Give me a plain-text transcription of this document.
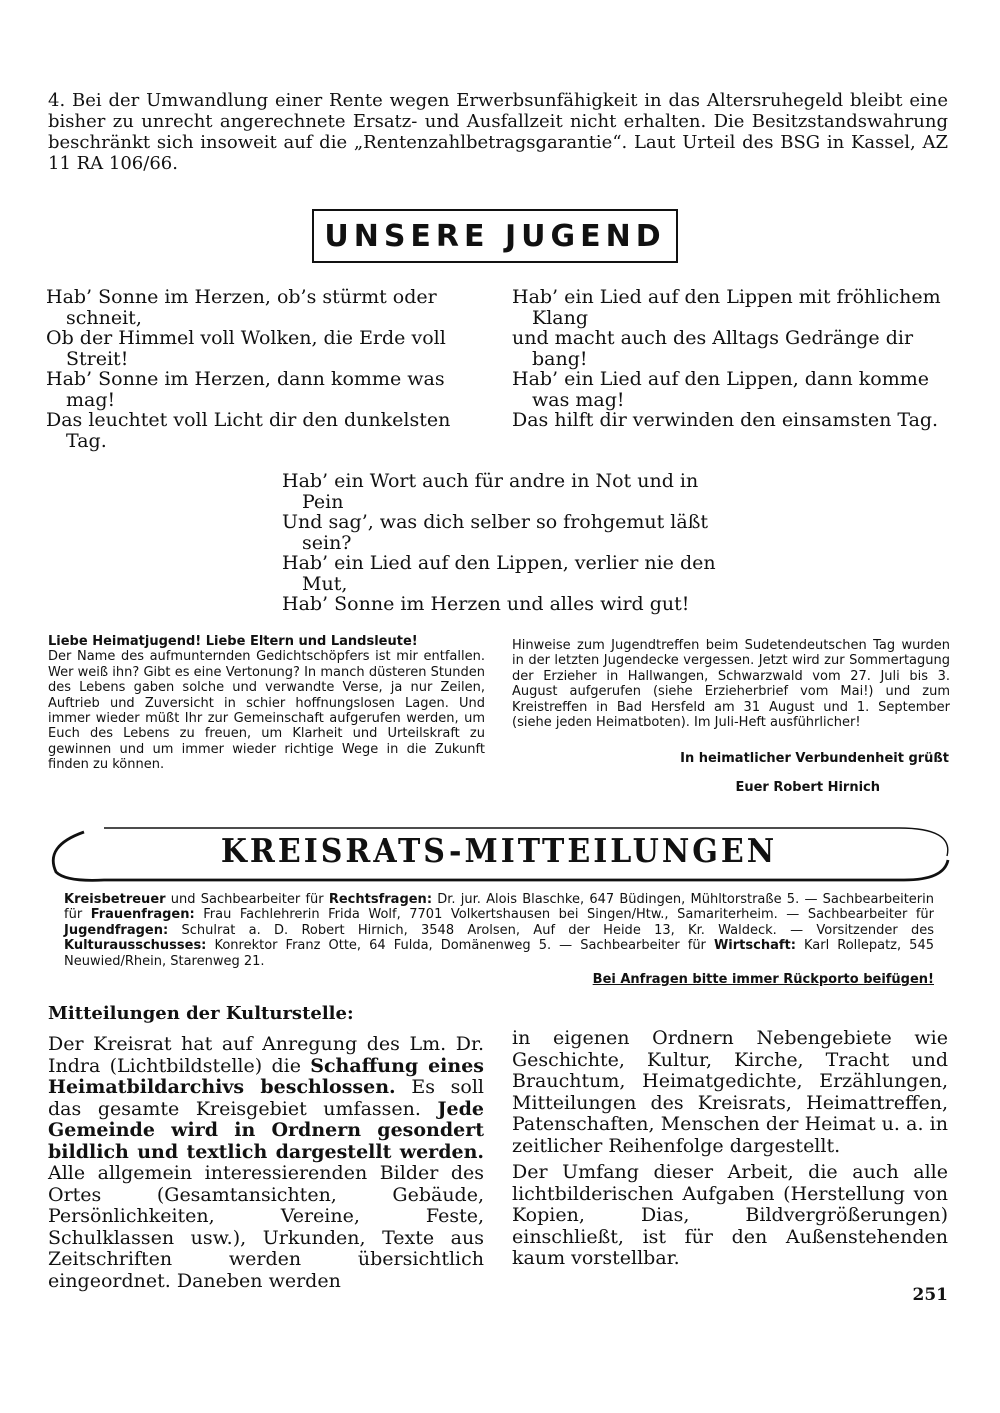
4. Bei der Umwandlung einer Rente wegen Erwerbsunfähigkeit in das Altersruhegeld bleibt eine bisher zu unrecht angerechnete Ersatz- und Ausfallzeit nicht erhalten. Die Besitzstandswahrung beschränkt sich insoweit auf die „Rentenzahlbetragsgarantie“. Laut Urteil des BSG in Kassel, AZ 11 RA 106/66.
UNSERE JUGEND
Hab’ Sonne im Herzen, ob’s stürmt oder schneit,
Ob der Himmel voll Wolken, die Erde voll Streit!
Hab’ Sonne im Herzen, dann komme was mag!
Das leuchtet voll Licht dir den dunkelsten Tag.
Hab’ ein Lied auf den Lippen mit fröhlichem Klang
und macht auch des Alltags Gedränge dir bang!
Hab’ ein Lied auf den Lippen, dann komme was mag!
Das hilft dir verwinden den einsamsten Tag.
Hab’ ein Wort auch für andre in Not und in Pein
Und sag’, was dich selber so frohgemut läßt sein?
Hab’ ein Lied auf den Lippen, verlier nie den Mut,
Hab’ Sonne im Herzen und alles wird gut!
Liebe Heimatjugend! Liebe Eltern und Landsleute!
Der Name des aufmunternden Gedichtschöpfers ist mir entfallen. Wer weiß ihn? Gibt es eine Vertonung? In manch düsteren Stunden des Lebens gaben solche und verwandte Verse, ja nur Zeilen, Auftrieb und Zuversicht in schier hoffnungslosen Lagen. Und immer wieder müßt Ihr zur Gemeinschaft aufgerufen werden, um Euch des Lebens zu freuen, um Klarheit und Urteilskraft zu gewinnen und um immer wieder richtige Wege in die Zukunft finden zu können.
Hinweise zum Jugendtreffen beim Sudetendeutschen Tag wurden in der letzten Jugendecke vergessen. Jetzt wird zur Sommertagung der Erzieher in Hallwangen, Schwarzwald vom 27. Juli bis 3. August aufgerufen (siehe Erzieherbrief vom Mai!) und zum Kreistreffen in Bad Hersfeld am 31 August und 1. September (siehe jeden Heimatboten). Im Juli-Heft ausführlicher!
In heimatlicher Verbundenheit grüßt
Euer Robert Hirnich
KREISRATS-MITTEILUNGEN
Kreisbetreuer und Sachbearbeiter für Rechtsfragen: Dr. jur. Alois Blaschke, 647 Büdingen, Mühltorstraße 5. — Sachbearbeiterin für Frauenfragen: Frau Fachlehrerin Frida Wolf, 7701 Volkertshausen bei Singen/Htw., Samariterheim. — Sachbearbeiter für Jugendfragen: Schulrat a. D. Robert Hirnich, 3548 Arolsen, Auf der Heide 13, Kr. Waldeck. — Vorsitzender des Kulturausschusses: Konrektor Franz Otte, 64 Fulda, Domänenweg 5. — Sachbearbeiter für Wirtschaft: Karl Rollepatz, 545 Neuwied/Rhein, Starenweg 21.
Bei Anfragen bitte immer Rückporto beifügen!
Mitteilungen der Kulturstelle:

Der Kreisrat hat auf Anregung des Lm. Dr. Indra (Lichtbildstelle) die Schaffung eines Heimatbildarchivs beschlossen. Es soll das gesamte Kreisgebiet umfassen. Jede Gemeinde wird in Ordnern gesondert bildlich und textlich dargestellt werden. Alle allgemein interessierenden Bilder des Ortes (Gesamtansichten, Gebäude, Persönlichkeiten, Vereine, Feste, Schulklassen usw.), Urkunden, Texte aus Zeitschriften werden übersichtlich eingeordnet. Daneben werden

in eigenen Ordnern Nebengebiete wie Geschichte, Kultur, Kirche, Tracht und Brauchtum, Heimatgedichte, Erzählungen, Mitteilungen des Kreisrats, Heimattreffen, Patenschaften, Menschen der Heimat u. a. in zeitlicher Reihenfolge dargestellt.

Der Umfang dieser Arbeit, die auch alle lichtbilderischen Aufgaben (Herstellung von Kopien, Dias, Bildvergrößerungen) einschließt, ist für den Außenstehenden kaum vorstellbar.

251
